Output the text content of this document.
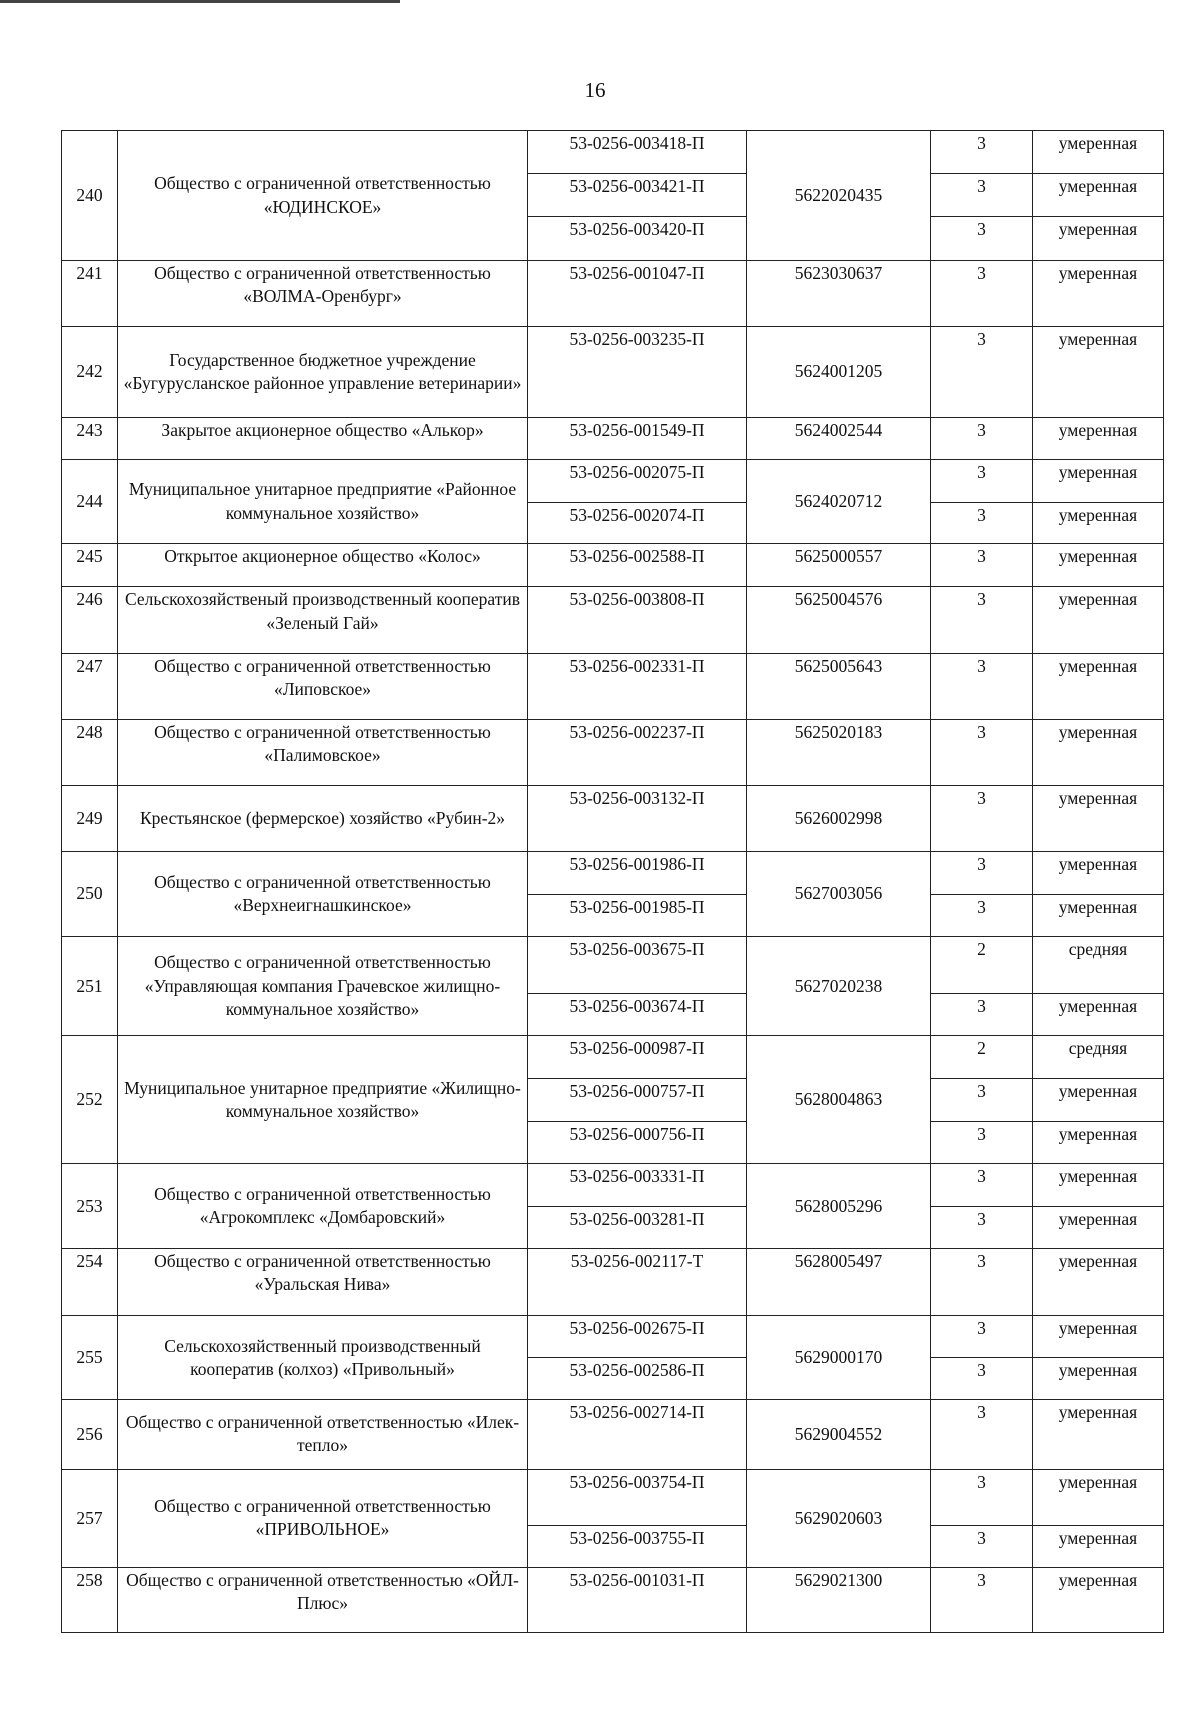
16
240	Общество с ограниченной ответственностью «ЮДИНСКОЕ»	53-0256-003418-П	5622020435	3	умеренная
		53-0256-003421-П		3	умеренная
		53-0256-003420-П		3	умеренная
241	Общество с ограниченной ответственностью «ВОЛМА-Оренбург»	53-0256-001047-П	5623030637	3	умеренная
242	Государственное бюджетное учреждение «Бугурусланское районное управление ветеринарии»	53-0256-003235-П	5624001205	3	умеренная
243	Закрытое акционерное общество «Алькор»	53-0256-001549-П	5624002544	3	умеренная
244	Муниципальное унитарное предприятие «Районное коммунальное хозяйство»	53-0256-002075-П	5624020712	3	умеренная
		53-0256-002074-П		3	умеренная
245	Открытое акционерное общество «Колос»	53-0256-002588-П	5625000557	3	умеренная
246	Сельскохозяйственый производственный кооператив «Зеленый Гай»	53-0256-003808-П	5625004576	3	умеренная
247	Общество с ограниченной ответственностью «Липовское»	53-0256-002331-П	5625005643	3	умеренная
248	Общество с ограниченной ответственностью «Палимовское»	53-0256-002237-П	5625020183	3	умеренная
249	Крестьянское (фермерское) хозяйство «Рубин-2»	53-0256-003132-П	5626002998	3	умеренная
250	Общество с ограниченной ответственностью «Верхнеигнашкинское»	53-0256-001986-П	5627003056	3	умеренная
		53-0256-001985-П		3	умеренная
251	Общество с ограниченной ответственностью «Управляющая компания Грачевское жилищно-коммунальное хозяйство»	53-0256-003675-П	5627020238	2	средняя
		53-0256-003674-П		3	умеренная
252	Муниципальное унитарное предприятие «Жилищно-коммунальное хозяйство»	53-0256-000987-П	5628004863	2	средняя
		53-0256-000757-П		3	умеренная
		53-0256-000756-П		3	умеренная
253	Общество с ограниченной ответственностью «Агрокомплекс «Домбаровский»	53-0256-003331-П	5628005296	3	умеренная
		53-0256-003281-П		3	умеренная
254	Общество с ограниченной ответственностью «Уральская Нива»	53-0256-002117-Т	5628005497	3	умеренная
255	Сельскохозяйственный производственный кооператив (колхоз) «Привольный»	53-0256-002675-П	5629000170	3	умеренная
		53-0256-002586-П		3	умеренная
256	Общество с ограниченной ответственностью «Илек-тепло»	53-0256-002714-П	5629004552	3	умеренная
257	Общество с ограниченной ответственностью «ПРИВОЛЬНОЕ»	53-0256-003754-П	5629020603	3	умеренная
		53-0256-003755-П		3	умеренная
258	Общество с ограниченной ответственностью «ОЙЛ-Плюс»	53-0256-001031-П	5629021300	3	умеренная
